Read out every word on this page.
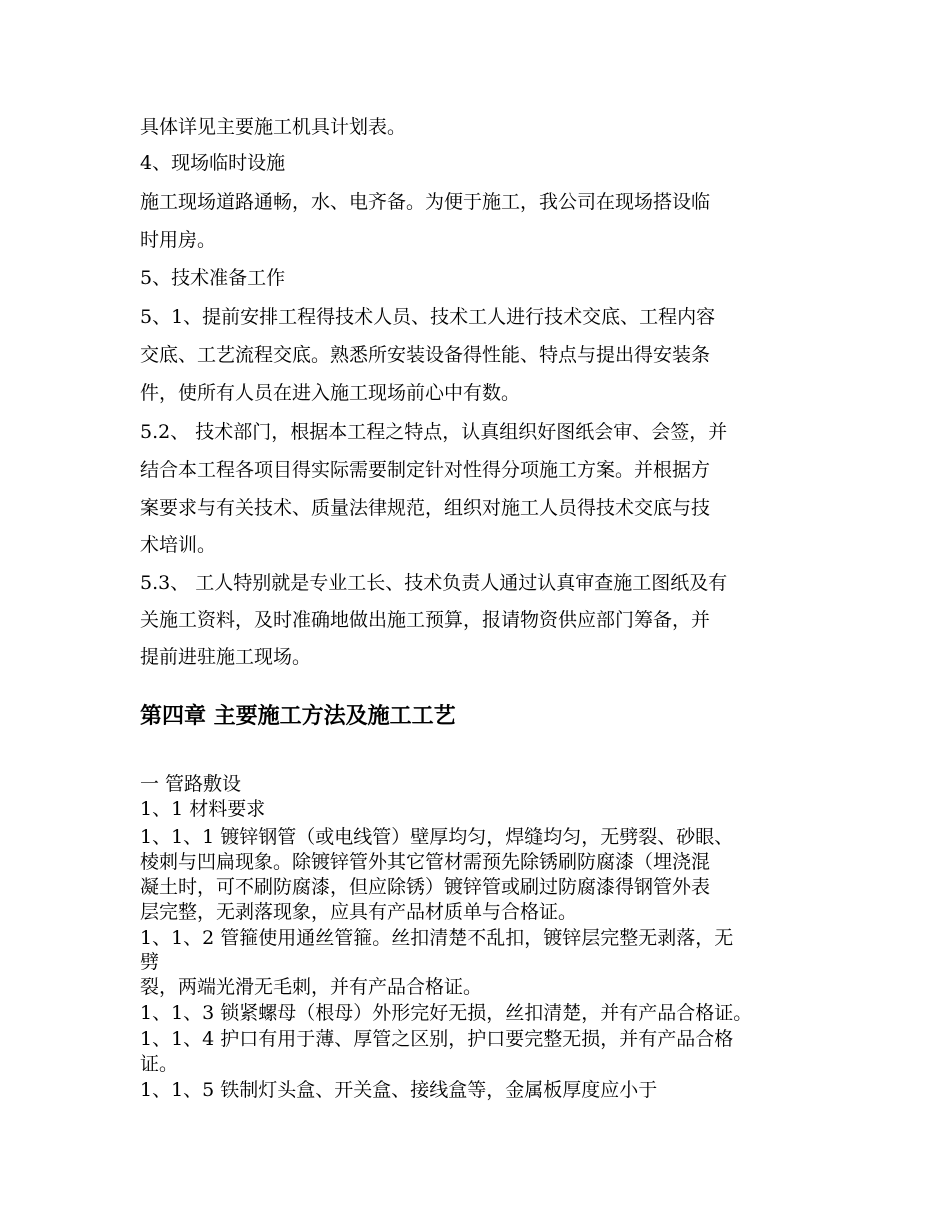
具体详见主要施工机具计划表。
4、现场临时设施
施工现场道路通畅，水、电齐备。为便于施工，我公司在现场搭设临
时用房。
5、技术准备工作
5、1、提前安排工程得技术人员、技术工人进行技术交底、工程内容
交底、工艺流程交底。熟悉所安装设备得性能、特点与提出得安装条
件，使所有人员在进入施工现场前心中有数。
5.2、 技术部门，根据本工程之特点，认真组织好图纸会审、会签，并
结合本工程各项目得实际需要制定针对性得分项施工方案。并根据方
案要求与有关技术、质量法律规范，组织对施工人员得技术交底与技
术培训。
5.3、 工人特别就是专业工长、技术负责人通过认真审查施工图纸及有
关施工资料，及时准确地做出施工预算，报请物资供应部门筹备，并
提前进驻施工现场。
第四章 主要施工方法及施工工艺
一 管路敷设
1、1 材料要求
1、1、1 镀锌钢管（或电线管）壁厚均匀，焊缝均匀，无劈裂、砂眼、
棱刺与凹扁现象。除镀锌管外其它管材需预先除锈刷防腐漆（埋浇混
凝土时，可不刷防腐漆，但应除锈）镀锌管或刷过防腐漆得钢管外表
层完整，无剥落现象，应具有产品材质单与合格证。
1、1、2 管箍使用通丝管箍。丝扣清楚不乱扣，镀锌层完整无剥落，无
劈
裂，两端光滑无毛刺，并有产品合格证。
1、1、3 锁紧螺母（根母）外形完好无损，丝扣清楚，并有产品合格证。
1、1、4 护口有用于薄、厚管之区别，护口要完整无损，并有产品合格
证。
1、1、5 铁制灯头盒、开关盒、接线盒等，金属板厚度应小于
